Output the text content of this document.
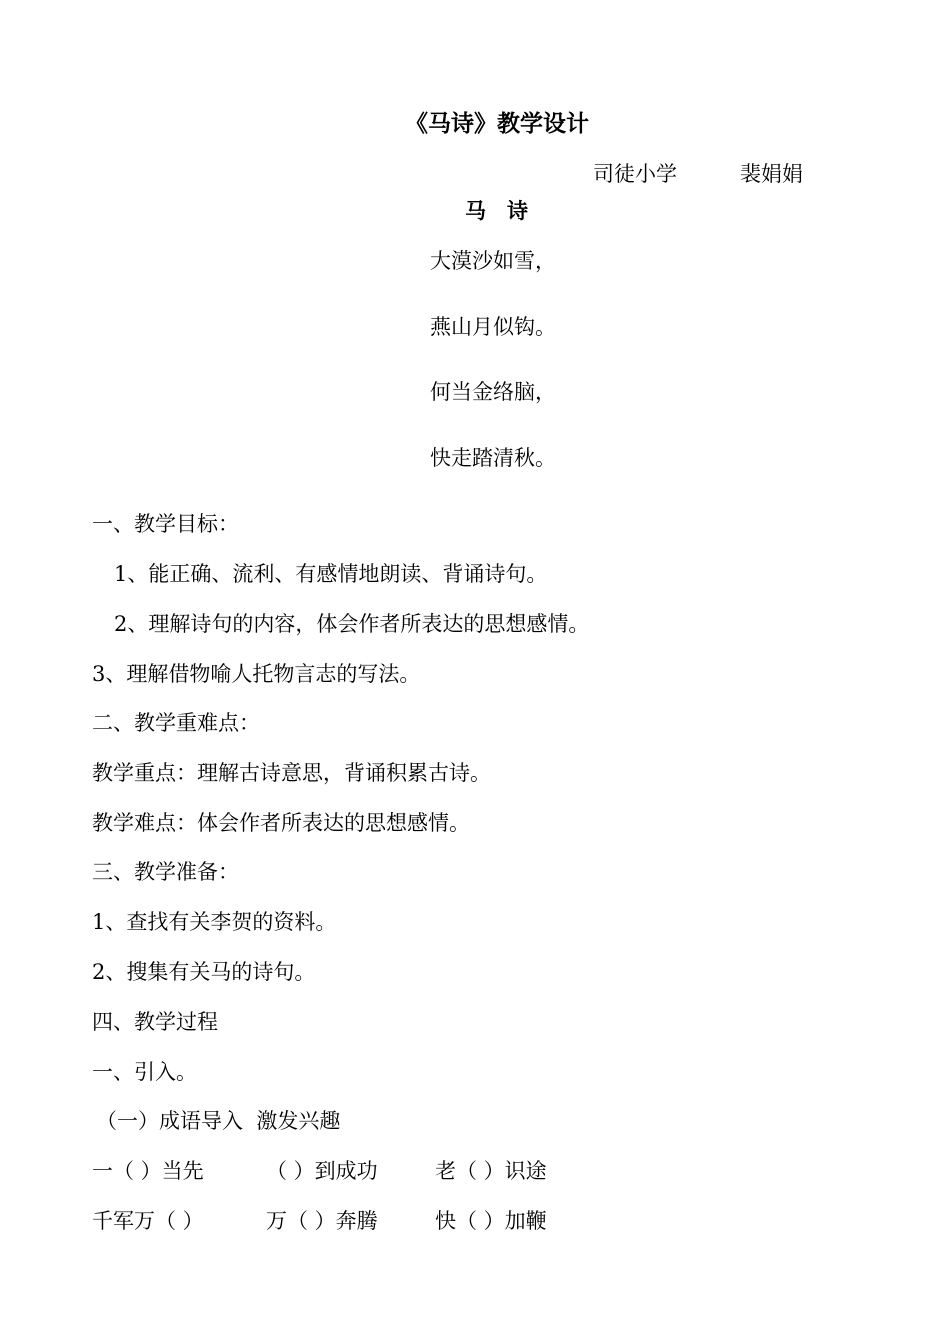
《马诗》教学设计
司徒小学　　　裴娟娟
马　诗
大漠沙如雪，
燕山月似钩。
何当金络脑，
快走踏清秋。
一、教学目标：
1、能正确、流利、有感情地朗读、背诵诗句。
2、理解诗句的内容，体会作者所表达的思想感情。
3、理解借物喻人托物言志的写法。
二、教学重难点：
教学重点：理解古诗意思，背诵积累古诗。
教学难点：体会作者所表达的思想感情。
三、教学准备：
1、查找有关李贺的资料。
2、搜集有关马的诗句。
四、教学过程
一、引入。
（一）成语导入  激发兴趣
一（ ）当先	（ ）到成功	老（ ）识途
千军万（ ）	万（ ）奔腾	快（ ）加鞭
